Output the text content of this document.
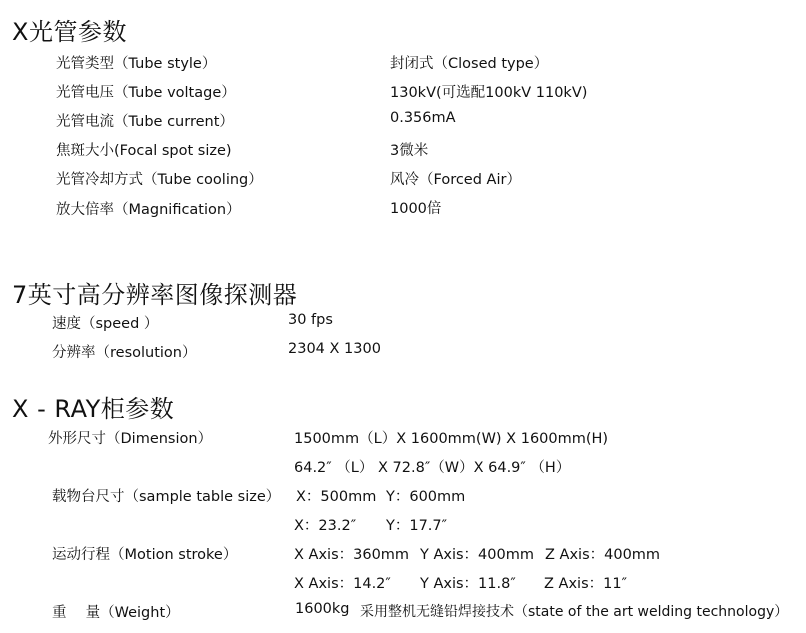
X光管参数
光管类型（Tube style）	封闭式（Closed type）
光管电压（Tube voltage）	130kV(可选配100kV 110kV)
光管电流（Tube current）	0.356mA
焦斑大小(Focal spot size)	3微米
光管冷却方式（Tube cooling）	风冷（Forced Air）
放大倍率（Magnification）	1000倍
7英寸高分辨率图像探测器
速度（speed ）	30 fps
分辨率（resolution）	2304 X 1300
X - RAY柜参数
外形尺寸（Dimension）	1500mm（L）X 1600mm(W) X 1600mm(H)
64.2″ （L） X 72.8″（W）X 64.9″ （H）
载物台尺寸（sample table size） X：500mm Y：600mm
X：23.2″ Y：17.7″
运动行程（Motion stroke）	X Axis：360mm Y Axis：400mm Z Axis：400mm
X Axis：14.2″ Y Axis：11.8″ Z Axis：11″
重　 量（Weight）	1600kg 采用整机无缝铅焊接技术（state of the art welding technology）
